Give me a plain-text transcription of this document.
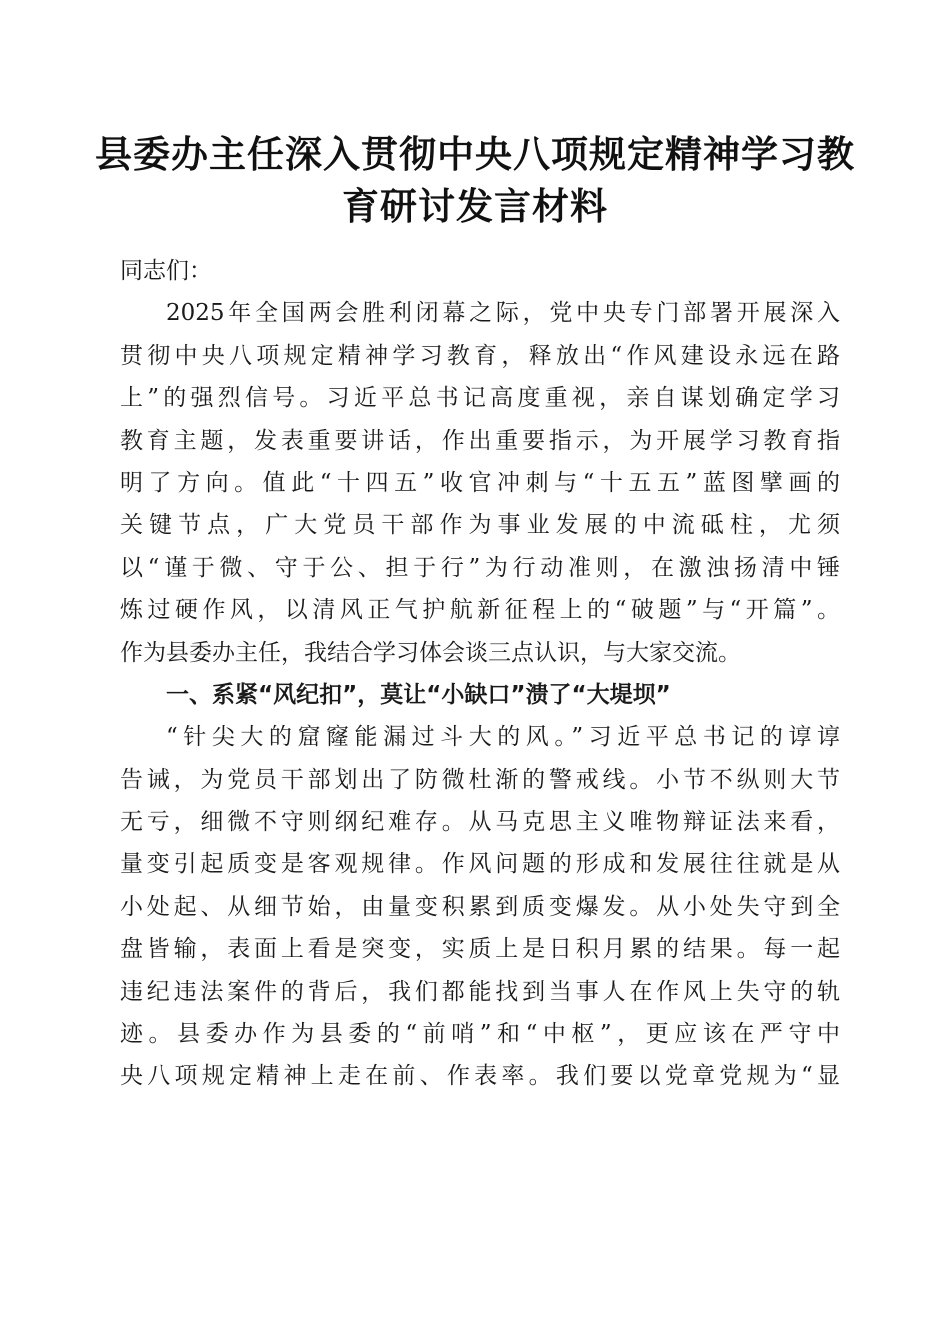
县委办主任深入贯彻中央八项规定精神学习教
育研讨发言材料
同志们：
2025年全国两会胜利闭幕之际，党中央专门部署开展深入
贯彻中央八项规定精神学习教育，释放出“作风建设永远在路
上”的强烈信号。习近平总书记高度重视，亲自谋划确定学习
教育主题，发表重要讲话，作出重要指示，为开展学习教育指
明了方向。值此“十四五”收官冲刺与“十五五”蓝图擘画的
关键节点，广大党员干部作为事业发展的中流砥柱，尤须
以“谨于微、守于公、担于行”为行动准则，在激浊扬清中锤
炼过硬作风，以清风正气护航新征程上的“破题”与“开篇”。
作为县委办主任，我结合学习体会谈三点认识，与大家交流。
一、系紧“风纪扣”，莫让“小缺口”溃了“大堤坝”
“针尖大的窟窿能漏过斗大的风。”习近平总书记的谆谆
告诫，为党员干部划出了防微杜渐的警戒线。小节不纵则大节
无亏，细微不守则纲纪难存。从马克思主义唯物辩证法来看，
量变引起质变是客观规律。作风问题的形成和发展往往就是从
小处起、从细节始，由量变积累到质变爆发。从小处失守到全
盘皆输，表面上看是突变，实质上是日积月累的结果。每一起
违纪违法案件的背后，我们都能找到当事人在作风上失守的轨
迹。县委办作为县委的“前哨”和“中枢”，更应该在严守中
央八项规定精神上走在前、作表率。我们要以党章党规为“显
